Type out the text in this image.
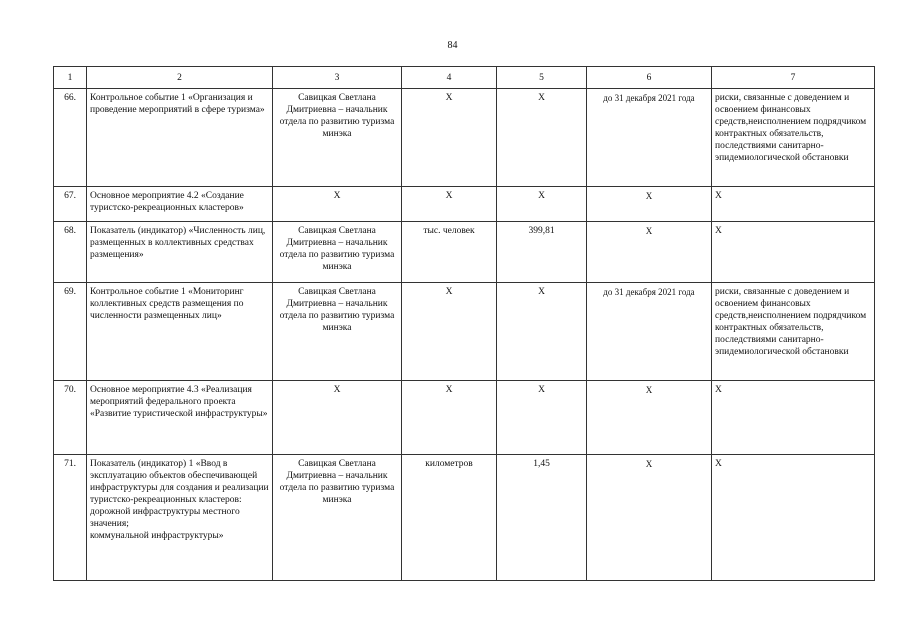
84
1	2	3	4	5	6	7
66.	Контрольное событие 1 «Организация и проведение мероприятий в сфере туризма»	Савицкая Светлана Дмитриевна – начальник отдела по развитию туризма минэка	Х	Х	до 31 декабря 2021 года	риски, связанные с доведением и освоением финансовых средств,неисполнением подрядчиком контрактных обязательств, последствиями санитарно-эпидемиологической обстановки
67.	Основное мероприятие 4.2 «Создание туристско-рекреационных кластеров»	Х	Х	Х	Х	Х
68.	Показатель (индикатор) «Численность лиц, размещенных в коллективных средствах размещения»	Савицкая Светлана Дмитриевна – начальник отдела по развитию туризма минэка	тыс. человек	399,81	Х	Х
69.	Контрольное событие 1 «Мониторинг коллективных средств размещения по численности размещенных лиц»	Савицкая Светлана Дмитриевна – начальник отдела по развитию туризма минэка	Х	Х	до 31 декабря 2021 года	риски, связанные с доведением и освоением финансовых средств,неисполнением подрядчиком контрактных обязательств, последствиями санитарно-эпидемиологической обстановки
70.	Основное мероприятие 4.3 «Реализация мероприятий федерального проекта «Развитие туристической инфраструктуры»	Х	Х	Х	Х	Х
71.	Показатель (индикатор) 1 «Ввод в эксплуатацию объектов обеспечивающей инфраструктуры для создания и реализации туристско-рекреационных кластеров:
дорожной инфраструктуры местного значения;
коммунальной инфраструктуры»	Савицкая Светлана Дмитриевна – начальник отдела по развитию туризма минэка	километров	1,45	Х	Х
